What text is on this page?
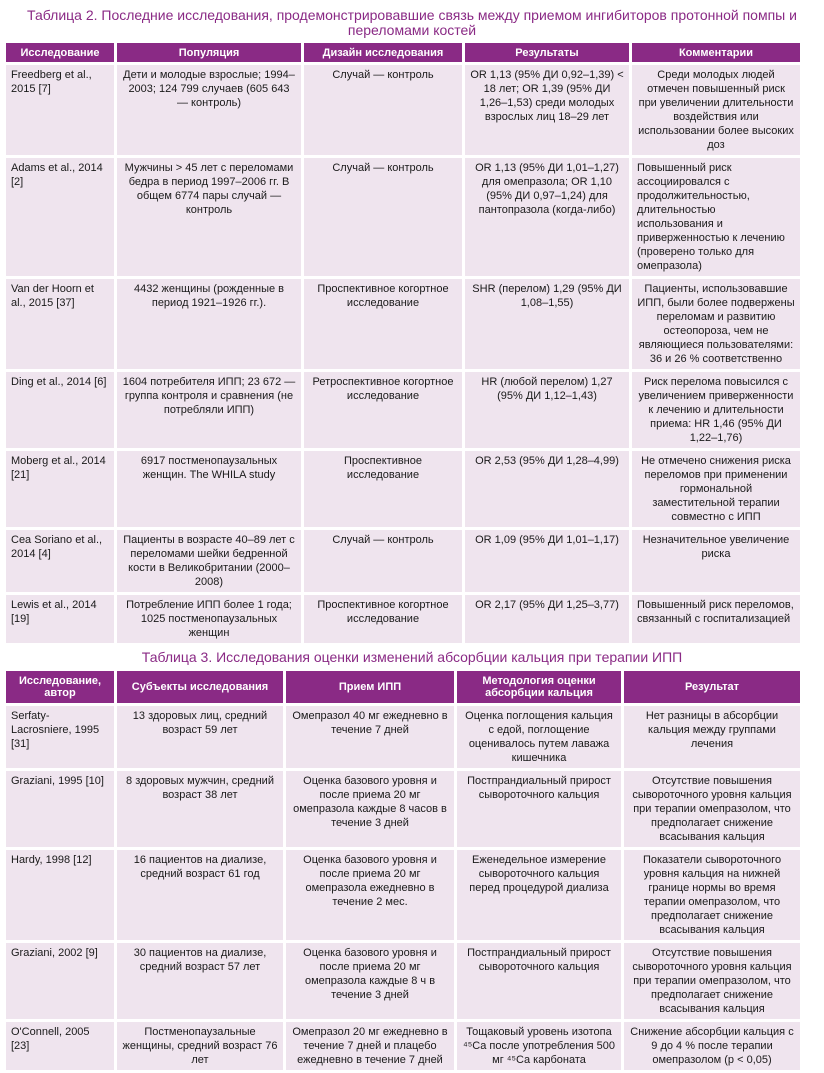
Таблица 2. Последние исследования, продемонстрировавшие связь между приемом ингибиторов протонной помпы и переломами костей
Исследование	Популяция	Дизайн исследования	Результаты	Комментарии
Freedberg et al., 2015 [7]	Дети и молодые взрослые; 1994–2003; 124 799 случаев (605 643 — контроль)	Случай — контроль	OR 1,13 (95% ДИ 0,92–1,39) < 18 лет; OR 1,39 (95% ДИ 1,26–1,53) среди молодых взрослых лиц 18–29 лет	Среди молодых людей отмечен повышенный риск при увеличении длительности воздействия или использовании более высоких доз
Adams et al., 2014 [2]	Мужчины > 45 лет с переломами бедра в период 1997–2006 гг. В общем 6774 пары случай — контроль	Случай — контроль	OR 1,13 (95% ДИ 1,01–1,27) для омепразола; OR 1,10 (95% ДИ 0,97–1,24) для пантопразола (когда-либо)	Повышенный риск ассоциировался с продолжительностью, длительностью использования и приверженностью к лечению (проверено только для омепразола)
Van der Hoorn et al., 2015 [37]	4432 женщины (рожденные в период 1921–1926 гг.).	Проспективное когортное исследование	SHR (перелом) 1,29 (95% ДИ 1,08–1,55)	Пациенты, использовавшие ИПП, были более подвержены переломам и развитию остеопороза, чем не являющиеся пользователями: 36 и 26 % соответственно
Ding et al., 2014 [6]	1604 потребителя ИПП; 23 672 — группа контроля и сравнения (не потребляли ИПП)	Ретроспективное когортное исследование	HR (любой перелом) 1,27 (95% ДИ 1,12–1,43)	Риск перелома повысился с увеличением приверженности к лечению и длительности приема: HR 1,46 (95% ДИ 1,22–1,76)
Moberg et al., 2014 [21]	6917 постменопаузальных женщин. The WHILA study	Проспективное исследование	OR 2,53 (95% ДИ 1,28–4,99)	Не отмечено снижения риска переломов при применении гормональной заместительной терапии совместно с ИПП
Cea Soriano et al., 2014 [4]	Пациенты в возрасте 40–89 лет с переломами шейки бедренной кости в Великобритании (2000–2008)	Случай — контроль	OR 1,09 (95% ДИ 1,01–1,17)	Незначительное увеличение риска
Lewis et al., 2014 [19]	Потребление ИПП более 1 года; 1025 постменопаузальных женщин	Проспективное когортное исследование	OR 2,17 (95% ДИ 1,25–3,77)	Повышенный риск переломов, связанный с госпитализацией
Таблица 3. Исследования оценки изменений абсорбции кальция при терапии ИПП
Исследование, автор	Субъекты исследования	Прием ИПП	Методология оценки абсорбции кальция	Результат
Serfaty-Lacrosniere, 1995 [31]	13 здоровых лиц, средний возраст 59 лет	Омепразол 40 мг ежедневно в течение 7 дней	Оценка поглощения кальция с едой, поглощение оценивалось путем лаважа кишечника	Нет разницы в абсорбции кальция между группами лечения
Graziani, 1995 [10]	8 здоровых мужчин, средний возраст 38 лет	Оценка базового уровня и после приема 20 мг омепразола каждые 8 часов в течение 3 дней	Постпрандиальный прирост сывороточного кальция	Отсутствие повышения сывороточного уровня кальция при терапии омепразолом, что предполагает снижение всасывания кальция
Hardy, 1998 [12]	16 пациентов на диализе, средний возраст 61 год	Оценка базового уровня и после приема 20 мг омепразола ежедневно в течение 2 мес.	Еженедельное измерение сывороточного кальция перед процедурой диализа	Показатели сывороточного уровня кальция на нижней границе нормы во время терапии омепразолом, что предполагает снижение всасывания кальция
Graziani, 2002 [9]	30 пациентов на диализе, средний возраст 57 лет	Оценка базового уровня и после приема 20 мг омепразола каждые 8 ч в течение 3 дней	Постпрандиальный прирост сывороточного кальция	Отсутствие повышения сывороточного уровня кальция при терапии омепразолом, что предполагает снижение всасывания кальция
O'Connell, 2005 [23]	Постменопаузальные женщины, средний возраст 76 лет	Омепразол 20 мг ежедневно в течение 7 дней и плацебо ежедневно в течение 7 дней	Тощаковый уровень изотопа ⁴⁵Ca после употребления 500 мг ⁴⁵Ca карбоната	Снижение абсорбции кальция с 9 до 4 % после терапии омепразолом (p < 0,05)
